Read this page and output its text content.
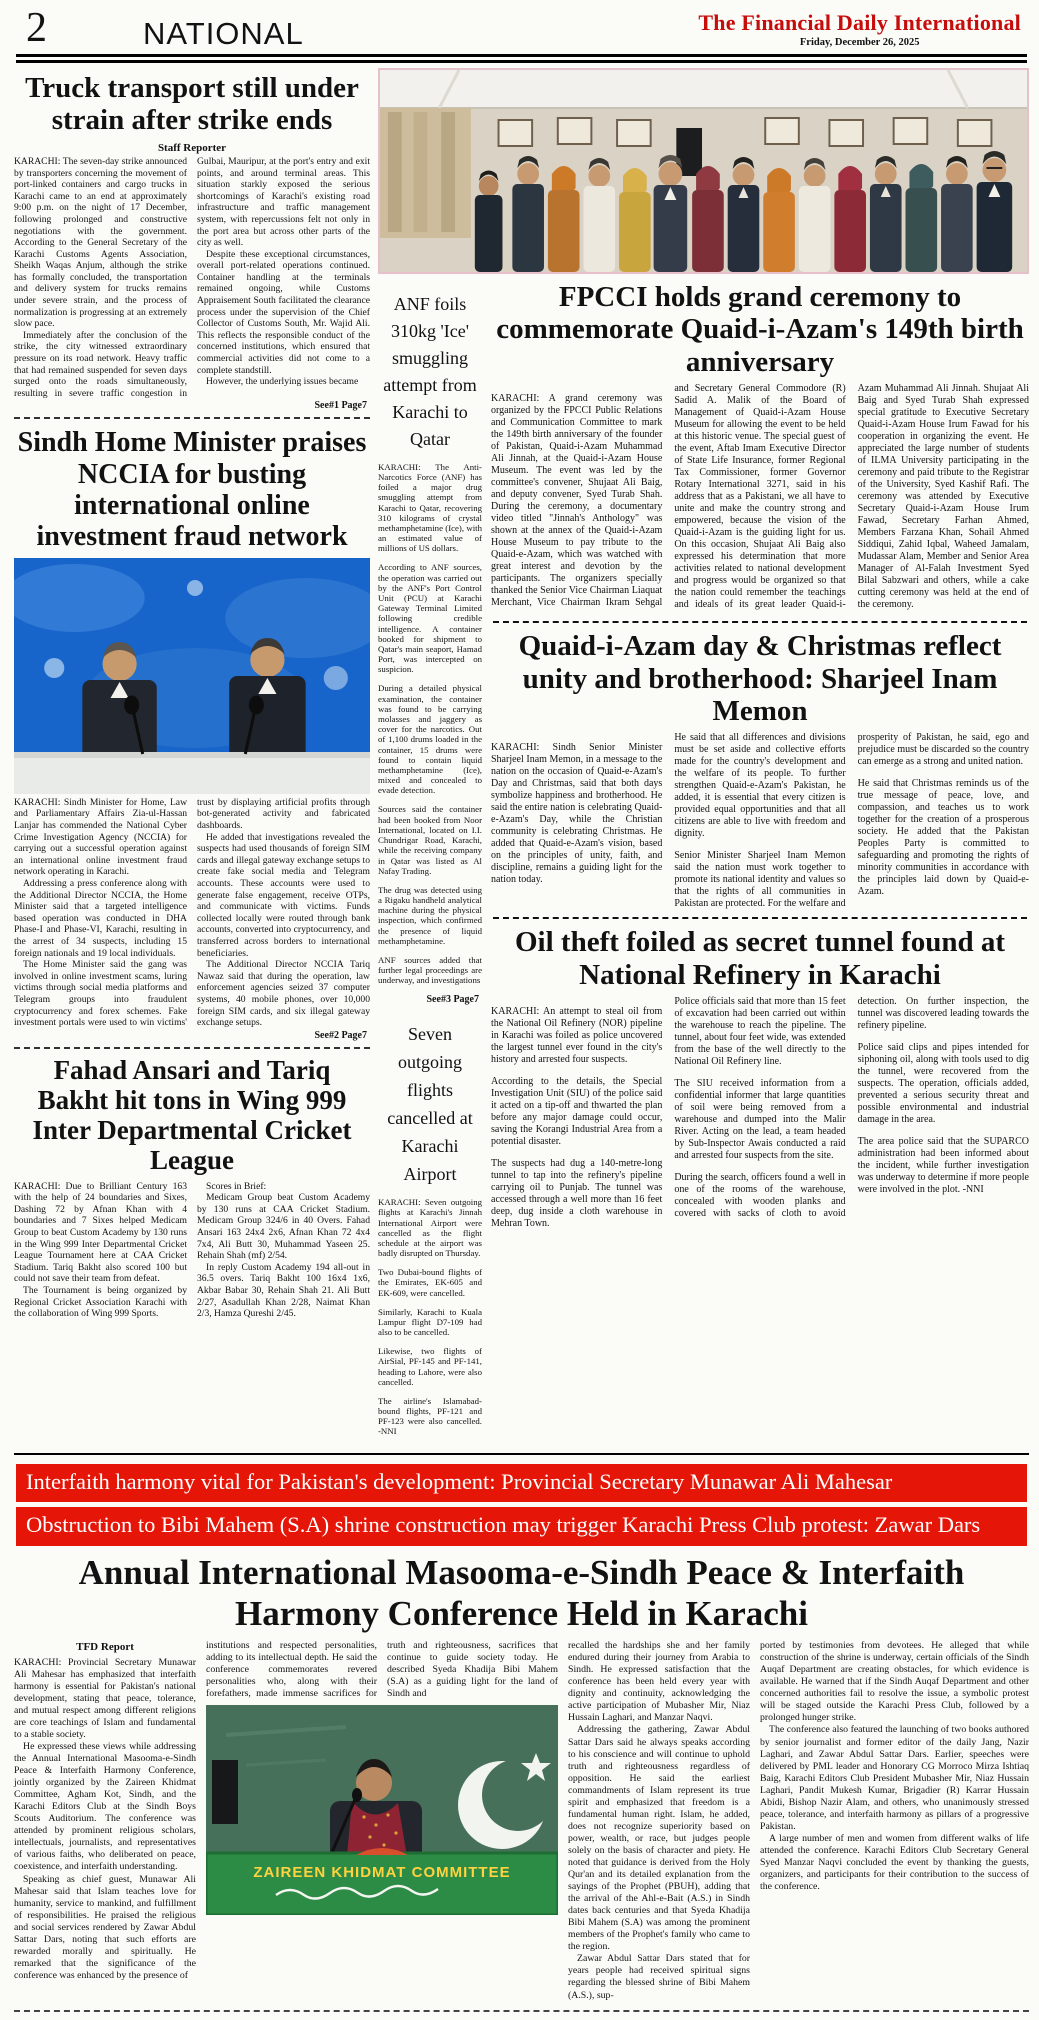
2	NATIONAL	The Financial Daily International
Friday, December 26, 2025
Truck transport still under strain after strike ends
Staff Reporter

KARACHI: The seven-day strike announced by transporters concerning the movement of port-linked containers and cargo trucks in Karachi came to an end at approximately 9:00 p.m. on the night of 17 December, following prolonged and constructive negotiations with the government. According to the General Secretary of the Karachi Customs Agents Association, Sheikh Waqas Anjum, although the strike has formally concluded, the transportation and delivery system for trucks remains under severe strain, and the process of normalization is progressing at an extremely slow pace.

Immediately after the conclusion of the strike, the city witnessed extraordinary pressure on its road network. Heavy traffic that had remained suspended for seven days surged onto the roads simultaneously, resulting in severe traffic congestion in Gulbai, Mauripur, at the port's entry and exit points, and around terminal areas. This situation starkly exposed the serious shortcomings of Karachi's existing road infrastructure and traffic management system, with repercussions felt not only in the port area but across other parts of the city as well.

Despite these exceptional circumstances, overall port-related operations continued. Container handling at the terminals remained ongoing, while Customs Appraisement South facilitated the clearance process under the supervision of the Chief Collector of Customs South, Mr. Wajid Ali. This reflects the responsible conduct of the concerned institutions, which ensured that commercial activities did not come to a complete standstill.

However, the underlying issues became

See#1 Page7
Sindh Home Minister praises NCCIA for busting international online investment fraud network

KARACHI: Sindh Minister for Home, Law and Parliamentary Affairs Zia-ul-Hassan Lanjar has commended the National Cyber Crime Investigation Agency (NCCIA) for carrying out a successful operation against an international online investment fraud network operating in Karachi.

Addressing a press conference along with the Additional Director NCCIA, the Home Minister said that a targeted intelligence based operation was conducted in DHA Phase-I and Phase-VI, Karachi, resulting in the arrest of 34 suspects, including 15 foreign nationals and 19 local individuals.

The Home Minister said the gang was involved in online investment scams, luring victims through social media platforms and Telegram groups into fraudulent cryptocurrency and forex schemes. Fake investment portals were used to win victims' trust by displaying artificial profits through bot-generated activity and fabricated dashboards.

He added that investigations revealed the suspects had used thousands of foreign SIM cards and illegal gateway exchange setups to create fake social media and Telegram accounts. These accounts were used to generate false engagement, receive OTPs, and communicate with victims. Funds collected locally were routed through bank accounts, converted into cryptocurrency, and transferred across borders to international beneficiaries.

The Additional Director NCCIA Tariq Nawaz said that during the operation, law enforcement agencies seized 37 computer systems, 40 mobile phones, over 10,000 foreign SIM cards, and six illegal gateway exchange setups.

See#2 Page7
Fahad Ansari and Tariq Bakht hit tons in Wing 999 Inter Departmental Cricket League

KARACHI: Due to Brilliant Century 163 with the help of 24 boundaries and Sixes, Dashing 72 by Afnan Khan with 4 boundaries and 7 Sixes helped Medicam Group to beat Custom Academy by 130 runs in the Wing 999 Inter Departmental Cricket League Tournament here at CAA Cricket Stadium. Tariq Bakht also scored 100 but could not save their team from defeat.

The Tournament is being organized by Regional Cricket Association Karachi with the collaboration of Wing 999 Sports.

Scores in Brief:

Medicam Group beat Custom Academy by 130 runs at CAA Cricket Stadium. Medicam Group 324/6 in 40 Overs. Fahad Ansari 163 24x4 2x6, Afnan Khan 72 4x4 7x4, Ali Butt 30, Muhammad Yaseen 25. Rehain Shah (mf) 2/54.

In reply Custom Academy 194 all-out in 36.5 overs. Tariq Bakht 100 16x4 1x6, Akbar Babar 30, Rehain Shah 21. Ali Butt 2/27, Asadullah Khan 2/28, Naimat Khan 2/3, Hamza Qureshi 2/45.

ANF foils 310kg 'Ice' smuggling attempt from Karachi to Qatar

KARACHI: The Anti-Narcotics Force (ANF) has foiled a major drug smuggling attempt from Karachi to Qatar, recovering 310 kilograms of crystal methamphetamine (Ice), with an estimated value of millions of US dollars.

According to ANF sources, the operation was carried out by the ANF's Port Control Unit (PCU) at Karachi Gateway Terminal Limited following credible intelligence. A container booked for shipment to Qatar's main seaport, Hamad Port, was intercepted on suspicion.

During a detailed physical examination, the container was found to be carrying molasses and jaggery as cover for the narcotics. Out of 1,100 drums loaded in the container, 15 drums were found to contain liquid methamphetamine (Ice), mixed and concealed to evade detection.

Sources said the container had been booked from Noor International, located on I.I. Chundrigar Road, Karachi, while the receiving company in Qatar was listed as Al Nafay Trading.

The drug was detected using a Rigaku handheld analytical machine during the physical inspection, which confirmed the presence of liquid methamphetamine.

ANF sources added that further legal proceedings are underway, and investigations

See#3 Page7
Seven outgoing flights cancelled at Karachi Airport

KARACHI: Seven outgoing flights at Karachi's Jinnah International Airport were cancelled as the flight schedule at the airport was badly disrupted on Thursday.

Two Dubai-bound flights of the Emirates, EK-605 and EK-609, were cancelled.

Similarly, Karachi to Kuala Lampur flight D7-109 had also to be cancelled.

Likewise, two flights of AirSial, PF-145 and PF-141, heading to Lahore, were also cancelled.

The airline's Islamabad-bound flights, PF-121 and PF-123 were also cancelled. -NNI

FPCCI holds grand ceremony to commemorate Quaid-i-Azam's 149th birth anniversary

KARACHI: A grand ceremony was organized by the FPCCI Public Relations and Communication Committee to mark the 149th birth anniversary of the founder of Pakistan, Quaid-i-Azam Muhammad Ali Jinnah, at the Quaid-i-Azam House Museum. The event was led by the committee's convener, Shujaat Ali Baig, and deputy convener, Syed Turab Shah. During the ceremony, a documentary video titled "Jinnah's Anthology" was shown at the annex of the Quaid-i-Azam House Museum to pay tribute to the Quaid-e-Azam, which was watched with great interest and devotion by the participants. The organizers specially thanked the Senior Vice Chairman Liaquat Merchant, Vice Chairman Ikram Sehgal and Secretary General Commodore (R) Sadid A. Malik of the Board of Management of Quaid-i-Azam House Museum for allowing the event to be held at this historic venue. The special guest of the event, Aftab Imam Executive Director of State Life Insurance, former Regional Tax Commissioner, former Governor Rotary International 3271, said in his address that as a Pakistani, we all have to unite and make the country strong and empowered, because the vision of the Quaid-i-Azam is the guiding light for us. On this occasion, Shujaat Ali Baig also expressed his determination that more activities related to national development and progress would be organized so that the nation could remember the teachings and ideals of its great leader Quaid-i-Azam Muhammad Ali Jinnah. Shujaat Ali Baig and Syed Turab Shah expressed special gratitude to Executive Secretary Quaid-i-Azam House Irum Fawad for his cooperation in organizing the event. He appreciated the large number of students of ILMA University participating in the ceremony and paid tribute to the Registrar of the University, Syed Kashif Rafi. The ceremony was attended by Executive Secretary Quaid-i-Azam House Irum Fawad, Secretary Farhan Ahmed, Members Farzana Khan, Sohail Ahmed Siddiqui, Zahid Iqbal, Waheed Jamalam, Mudassar Alam, Member and Senior Area Manager of Al-Falah Investment Syed Bilal Sabzwari and others, while a cake cutting ceremony was held at the end of the ceremony.

Quaid-i-Azam day & Christmas reflect unity and brotherhood: Sharjeel Inam Memon

KARACHI: Sindh Senior Minister Sharjeel Inam Memon, in a message to the nation on the occasion of Quaid-e-Azam's Day and Christmas, said that both days symbolize happiness and brotherhood. He said the entire nation is celebrating Quaid-e-Azam's Day, while the Christian community is celebrating Christmas. He added that Quaid-e-Azam's vision, based on the principles of unity, faith, and discipline, remains a guiding light for the nation today.

He said that all differences and divisions must be set aside and collective efforts made for the country's development and the welfare of its people. To further strengthen Quaid-e-Azam's Pakistan, he added, it is essential that every citizen is provided equal opportunities and that all citizens are able to live with freedom and dignity.

Senior Minister Sharjeel Inam Memon said the nation must work together to promote its national identity and values so that the rights of all communities in Pakistan are protected. For the welfare and prosperity of Pakistan, he said, ego and prejudice must be discarded so the country can emerge as a strong and united nation.

He said that Christmas reminds us of the true message of peace, love, and compassion, and teaches us to work together for the creation of a prosperous society. He added that the Pakistan Peoples Party is committed to safeguarding and promoting the rights of minority communities in accordance with the principles laid down by Quaid-e-Azam.

Oil theft foiled as secret tunnel found at National Refinery in Karachi

KARACHI: An attempt to steal oil from the National Oil Refinery (NOR) pipeline in Karachi was foiled as police uncovered the largest tunnel ever found in the city's history and arrested four suspects.

According to the details, the Special Investigation Unit (SIU) of the police said it acted on a tip-off and thwarted the plan before any major damage could occur, saving the Korangi Industrial Area from a potential disaster.

The suspects had dug a 140-metre-long tunnel to tap into the refinery's pipeline carrying oil to Punjab. The tunnel was accessed through a well more than 16 feet deep, dug inside a cloth warehouse in Mehran Town.

Police officials said that more than 15 feet of excavation had been carried out within the warehouse to reach the pipeline. The tunnel, about four feet wide, was extended from the base of the well directly to the National Oil Refinery line.

The SIU received information from a confidential informer that large quantities of soil were being removed from a warehouse and dumped into the Malir River. Acting on the lead, a team headed by Sub-Inspector Awais conducted a raid and arrested four suspects from the site.

During the search, officers found a well in one of the rooms of the warehouse, concealed with wooden planks and covered with sacks of cloth to avoid detection. On further inspection, the tunnel was discovered leading towards the refinery pipeline.

Police said clips and pipes intended for siphoning oil, along with tools used to dig the tunnel, were recovered from the suspects. The operation, officials added, prevented a serious security threat and possible environmental and industrial damage in the area.

The area police said that the SUPARCO administration had been informed about the incident, while further investigation was underway to determine if more people were involved in the plot. -NNI

Interfaith harmony vital for Pakistan's development: Provincial Secretary Munawar Ali Mahesar
Obstruction to Bibi Mahem (S.A) shrine construction may trigger Karachi Press Club protest: Zawar Dars
Annual International Masooma-e-Sindh Peace & Interfaith Harmony Conference Held in Karachi
TFD Report

KARACHI: Provincial Secretary Munawar Ali Mahesar has emphasized that interfaith harmony is essential for Pakistan's national development, stating that peace, tolerance, and mutual respect among different religions are core teachings of Islam and fundamental to a stable society.

He expressed these views while addressing the Annual International Masooma-e-Sindh Peace & Interfaith Harmony Conference, jointly organized by the Zaireen Khidmat Committee, Agham Kot, Sindh, and the Karachi Editors Club at the Sindh Boys Scouts Auditorium. The conference was attended by prominent religious scholars, intellectuals, journalists, and representatives of various faiths, who deliberated on peace, coexistence, and interfaith understanding.

Speaking as chief guest, Munawar Ali Mahesar said that Islam teaches love for humanity, service to mankind, and fulfillment of responsibilities. He praised the religious and social services rendered by Zawar Abdul Sattar Dars, noting that such efforts are rewarded morally and spiritually. He remarked that the significance of the conference was enhanced by the presence of

institutions and respected personalities, adding to its intellectual depth. He said the conference commemorates revered personalities who, along with their forefathers, made immense sacrifices for truth and righteousness, sacrifices that continue to guide society today. He described Syeda Khadija Bibi Mahem (S.A) as a guiding light for the land of Sindh and
ZAIREEN KHIDMAT COMMITTEE

recalled the hardships she and her family endured during their journey from Arabia to Sindh. He expressed satisfaction that the conference has been held every year with dignity and continuity, acknowledging the active participation of Mubasher Mir, Niaz Hussain Laghari, and Manzar Naqvi.

Addressing the gathering, Zawar Abdul Sattar Dars said he always speaks according to his conscience and will continue to uphold truth and righteousness regardless of opposition. He said the earliest commandments of Islam represent its true spirit and emphasized that freedom is a fundamental human right. Islam, he added, does not recognize superiority based on power, wealth, or race, but judges people solely on the basis of character and piety. He noted that guidance is derived from the Holy Qur'an and its detailed explanation from the sayings of the Prophet (PBUH), adding that the arrival of the Ahl-e-Bait (A.S.) in Sindh dates back centuries and that Syeda Khadija Bibi Mahem (S.A) was among the prominent members of the Prophet's family who came to the region.

Zawar Abdul Sattar Dars stated that for years people had received spiritual signs regarding the blessed shrine of Bibi Mahem (A.S.), sup-

ported by testimonies from devotees. He alleged that while construction of the shrine is underway, certain officials of the Sindh Auqaf Department are creating obstacles, for which evidence is available. He warned that if the Sindh Auqaf Department and other concerned authorities fail to resolve the issue, a symbolic protest will be staged outside the Karachi Press Club, followed by a prolonged hunger strike.

The conference also featured the launching of two books authored by senior journalist and former editor of the daily Jang, Nazir Laghari, and Zawar Abdul Sattar Dars. Earlier, speeches were delivered by PML leader and Honorary CG Morroco Mirza Ishtiaq Baig, Karachi Editors Club President Mubasher Mir, Niaz Hussain Laghari, Pandit Mukesh Kumar, Brigadier (R) Karrar Hussain Abidi, Bishop Nazir Alam, and others, who unanimously stressed peace, tolerance, and interfaith harmony as pillars of a progressive Pakistan.

A large number of men and women from different walks of life attended the conference. Karachi Editors Club Secretary General Syed Manzar Naqvi concluded the event by thanking the guests, organizers, and participants for their contribution to the success of the conference.
